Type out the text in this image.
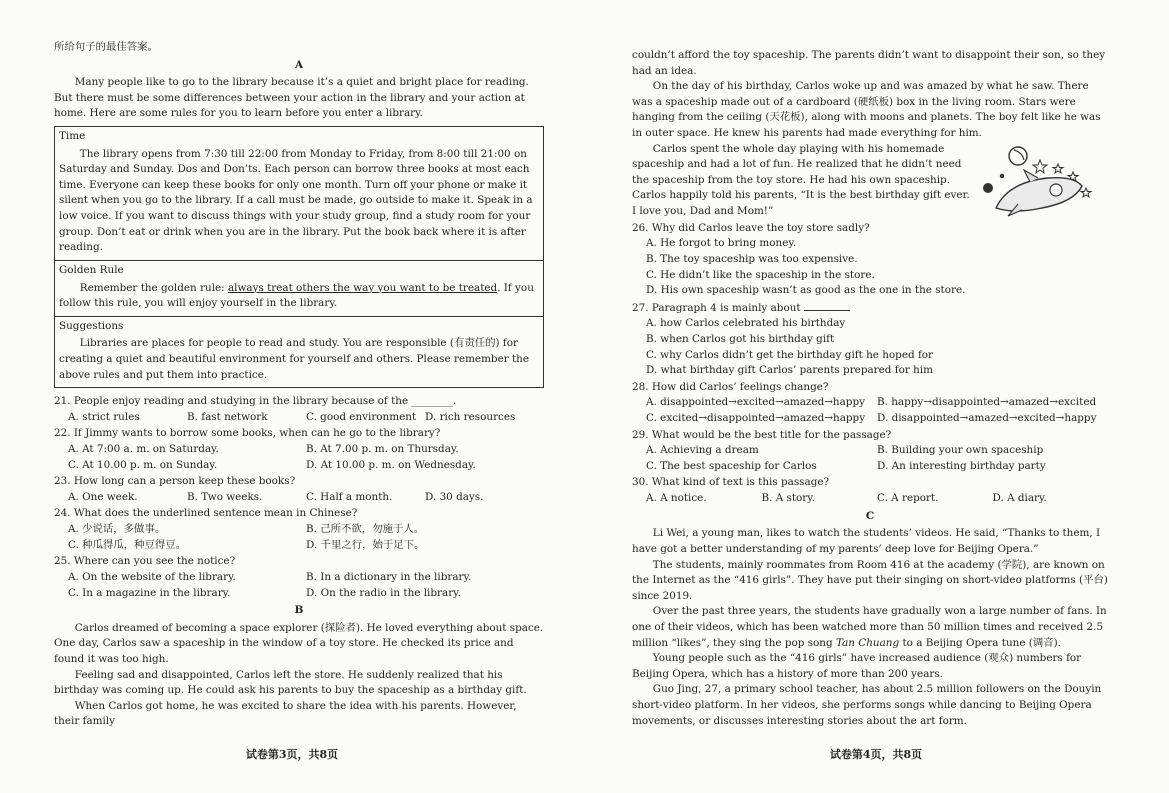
所给句子的最佳答案。

A

Many people like to go to the library because it’s a quiet and bright place for reading. But there must be some differences between your action in the library and your action at home. Here are some rules for you to learn before you enter a library.

Time

The library opens from 7:30 till 22:00 from Monday to Friday, from 8:00 till 21:00 on Saturday and Sunday. Dos and Don’ts. Each person can borrow three books at most each time. Everyone can keep these books for only one month. Turn off your phone or make it silent when you go to the library. If a call must be made, go outside to make it. Speak in a low voice. If you want to discuss things with your study group, find a study room for your group. Don’t eat or drink when you are in the library. Put the book back where it is after reading.

Golden Rule

Remember the golden rule: always treat others the way you want to be treated. If you follow this rule, you will enjoy yourself in the library.

Suggestions

Libraries are places for people to read and study. You are responsible (有责任的) for creating a quiet and beautiful environment for yourself and others. Please remember the above rules and put them into practice.

21. People enjoy reading and studying in the library because of the ________.

A. strict rules	B. fast network	C. good environment D. rich resources

22. If Jimmy wants to borrow some books, when can he go to the library?

A. At 7:00 a. m. on Saturday.	B. At 7.00 p. m. on Thursday.
C. At 10.00 p. m. on Sunday.	D. At 10.00 p. m. on Wednesday.

23. How long can a person keep these books?

A. One week.	B. Two weeks.	C. Half a month.	D. 30 days.

24. What does the underlined sentence mean in Chinese?

A. 少说话，多做事。	B. 己所不欲，勿施于人。
C. 种瓜得瓜，种豆得豆。	D. 千里之行，始于足下。

25. Where can you see the notice?

A. On the website of the library.	B. In a dictionary in the library.
C. In a magazine in the library.	D. On the radio in the library.

B

Carlos dreamed of becoming a space explorer (探险者). He loved everything about space. One day, Carlos saw a spaceship in the window of a toy store. He checked its price and found it was too high.

Feeling sad and disappointed, Carlos left the store. He suddenly realized that his birthday was coming up. He could ask his parents to buy the spaceship as a birthday gift.

When Carlos got home, he was excited to share the idea with his parents. However, their family

试卷第3页，共8页

couldn’t afford the toy spaceship. The parents didn’t want to disappoint their son, so they had an idea.

On the day of his birthday, Carlos woke up and was amazed by what he saw. There was a spaceship made out of a cardboard (硬纸板) box in the living room. Stars were hanging from the ceiling (天花板), along with moons and planets. The boy felt like he was in outer space. He knew his parents had made everything for him.

Carlos spent the whole day playing with his homemade spaceship and had a lot of fun. He realized that he didn’t need the spaceship from the toy store. He had his own spaceship. Carlos happily told his parents, “It is the best birthday gift ever. I love you, Dad and Mom!”

26. Why did Carlos leave the toy store sadly?

A. He forgot to bring money.
B. The toy spaceship was too expensive.
C. He didn’t like the spaceship in the store.
D. His own spaceship wasn’t as good as the one in the store.

27. Paragraph 4 is mainly about

A. how Carlos celebrated his birthday
B. when Carlos got his birthday gift
C. why Carlos didn’t get the birthday gift he hoped for
D. what birthday gift Carlos’ parents prepared for him

28. How did Carlos’ feelings change?

A. disappointed→excited→amazed→happy	B. happy→disappointed→amazed→excited
C. excited→disappointed→amazed→happy	D. disappointed→amazed→excited→happy

29. What would be the best title for the passage?

A. Achieving a dream	B. Building your own spaceship
C. The best spaceship for Carlos	D. An interesting birthday party

30. What kind of text is this passage?

A. A notice.	B. A story.	C. A report.	D. A diary.

C

Li Wei, a young man, likes to watch the students’ videos. He said, “Thanks to them, I have got a better understanding of my parents’ deep love for Beijing Opera.”

The students, mainly roommates from Room 416 at the academy (学院), are known on the Internet as the “416 girls”. They have put their singing on short-video platforms (平台) since 2019.

Over the past three years, the students have gradually won a large number of fans. In one of their videos, which has been watched more than 50 million times and received 2.5 million “likes”, they sing the pop song Tan Chuang to a Beijing Opera tune (调音).

Young people such as the “416 girls” have increased audience (观众) numbers for Beijing Opera, which has a history of more than 200 years.

Guo Jing, 27, a primary school teacher, has about 2.5 million followers on the Douyin short-video platform. In her videos, she performs songs while dancing to Beijing Opera movements, or discusses interesting stories about the art form.

试卷第4页，共8页
